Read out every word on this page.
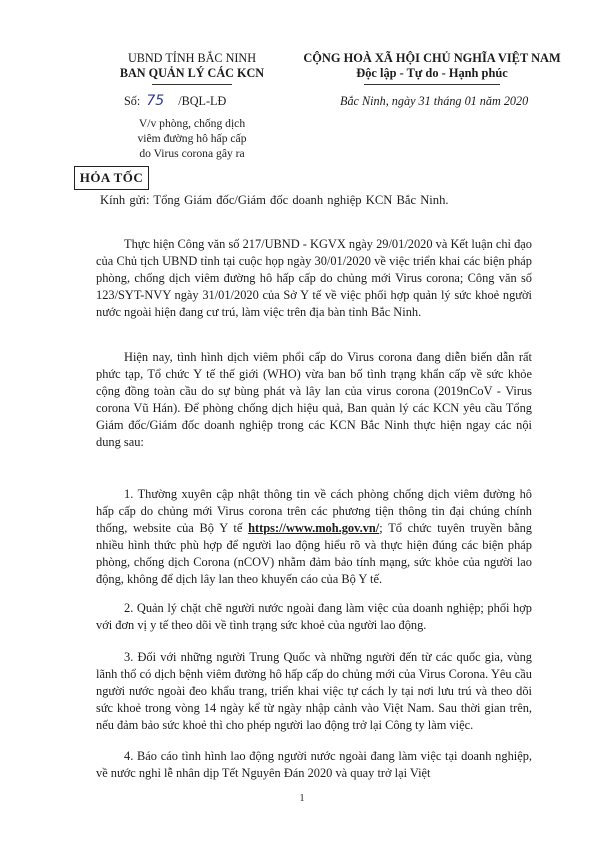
UBND TỈNH BẮC NINH
BAN QUẢN LÝ CÁC KCN
Số: 75 /BQL-LĐ
V/v phòng, chống dịch
viêm đường hô hấp cấp
do Virus corona gây ra
CỘNG HOÀ XÃ HỘI CHỦ NGHĨA VIỆT NAM
Độc lập - Tự do - Hạnh phúc
Bắc Ninh, ngày 31 tháng 01 năm 2020
HỎA TỐC
Kính gửi: Tổng Giám đốc/Giám đốc doanh nghiệp KCN Bắc Ninh.

Thực hiện Công văn số 217/UBND - KGVX ngày 29/01/2020 và Kết luận chỉ đạo của Chủ tịch UBND tỉnh tại cuộc họp ngày 30/01/2020 về việc triển khai các biện pháp phòng, chống dịch viêm đường hô hấp cấp do chủng mới Virus corona; Công văn số 123/SYT-NVY ngày 31/01/2020 của Sở Y tế về việc phối hợp quản lý sức khoẻ người nước ngoài hiện đang cư trú, làm việc trên địa bàn tỉnh Bắc Ninh.

Hiện nay, tình hình dịch viêm phổi cấp do Virus corona đang diễn biến dẫn rất phức tạp, Tổ chức Y tế thế giới (WHO) vừa ban bố tình trạng khẩn cấp về sức khỏe cộng đồng toàn cầu do sự bùng phát và lây lan của virus corona (2019nCoV - Virus corona Vũ Hán). Để phòng chống dịch hiệu quả, Ban quản lý các KCN yêu cầu Tổng Giám đốc/Giám đốc doanh nghiệp trong các KCN Bắc Ninh thực hiện ngay các nội dung sau:

1. Thường xuyên cập nhật thông tin về cách phòng chống dịch viêm đường hô hấp cấp do chủng mới Virus corona trên các phương tiện thông tin đại chúng chính thống, website của Bộ Y tế https://www.moh.gov.vn/; Tổ chức tuyên truyền bằng nhiều hình thức phù hợp để người lao động hiểu rõ và thực hiện đúng các biện pháp phòng, chống dịch Corona (nCOV) nhằm đảm bảo tính mạng, sức khỏe của người lao động, không để dịch lây lan theo khuyến cáo của Bộ Y tế.

2. Quản lý chặt chẽ người nước ngoài đang làm việc của doanh nghiệp; phối hợp với đơn vị y tế theo dõi về tình trạng sức khoẻ của người lao động.

3. Đối với những người Trung Quốc và những người đến từ các quốc gia, vùng lãnh thổ có dịch bệnh viêm đường hô hấp cấp do chủng mới của Virus Corona. Yêu cầu người nước ngoài đeo khẩu trang, triển khai việc tự cách ly tại nơi lưu trú và theo dõi sức khoẻ trong vòng 14 ngày kể từ ngày nhập cảnh vào Việt Nam. Sau thời gian trên, nếu đảm bảo sức khoẻ thì cho phép người lao động trở lại Công ty làm việc.

4. Báo cáo tình hình lao động người nước ngoài đang làm việc tại doanh nghiệp, về nước nghỉ lễ nhân dịp Tết Nguyên Đán 2020 và quay trở lại Việt

1
